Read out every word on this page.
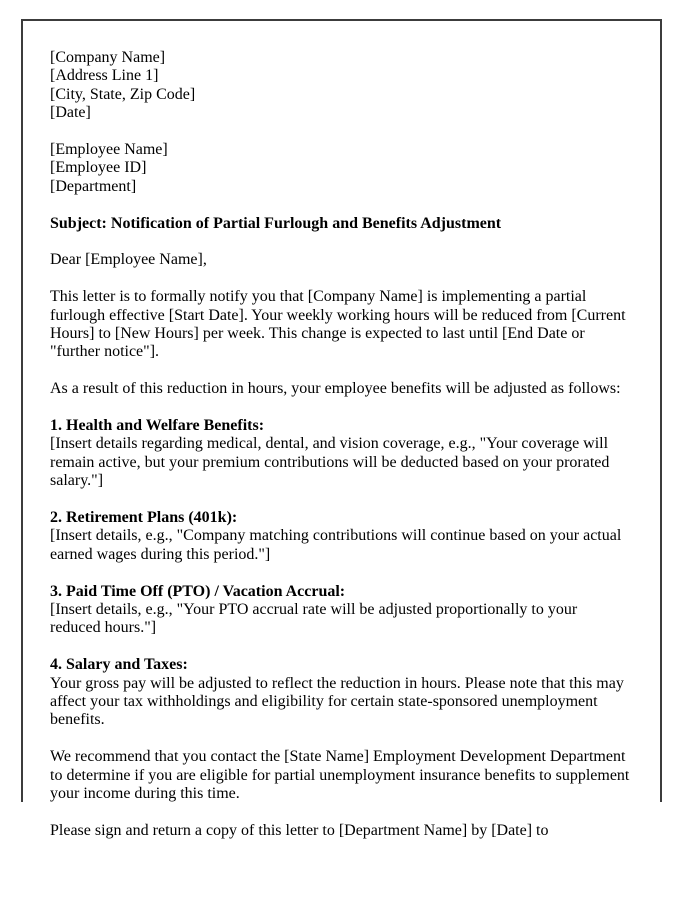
[Company Name]

[Address Line 1]

[City, State, Zip Code]

[Date]

[Employee Name]

[Employee ID]

[Department]

Subject: Notification of Partial Furlough and Benefits Adjustment

Dear [Employee Name],

This letter is to formally notify you that [Company Name] is implementing a partial furlough effective [Start Date]. Your weekly working hours will be reduced from [Current Hours] to [New Hours] per week. This change is expected to last until [End Date or "further notice"].

As a result of this reduction in hours, your employee benefits will be adjusted as follows:

1. Health and Welfare Benefits:

[Insert details regarding medical, dental, and vision coverage, e.g., "Your coverage will remain active, but your premium contributions will be deducted based on your prorated salary."]

2. Retirement Plans (401k):

[Insert details, e.g., "Company matching contributions will continue based on your actual earned wages during this period."]

3. Paid Time Off (PTO) / Vacation Accrual:

[Insert details, e.g., "Your PTO accrual rate will be adjusted proportionally to your reduced hours."]

4. Salary and Taxes:

Your gross pay will be adjusted to reflect the reduction in hours. Please note that this may affect your tax withholdings and eligibility for certain state-sponsored unemployment benefits.

We recommend that you contact the [State Name] Employment Development Department to determine if you are eligible for partial unemployment insurance benefits to supplement your income during this time.

Please sign and return a copy of this letter to [Department Name] by [Date] to
